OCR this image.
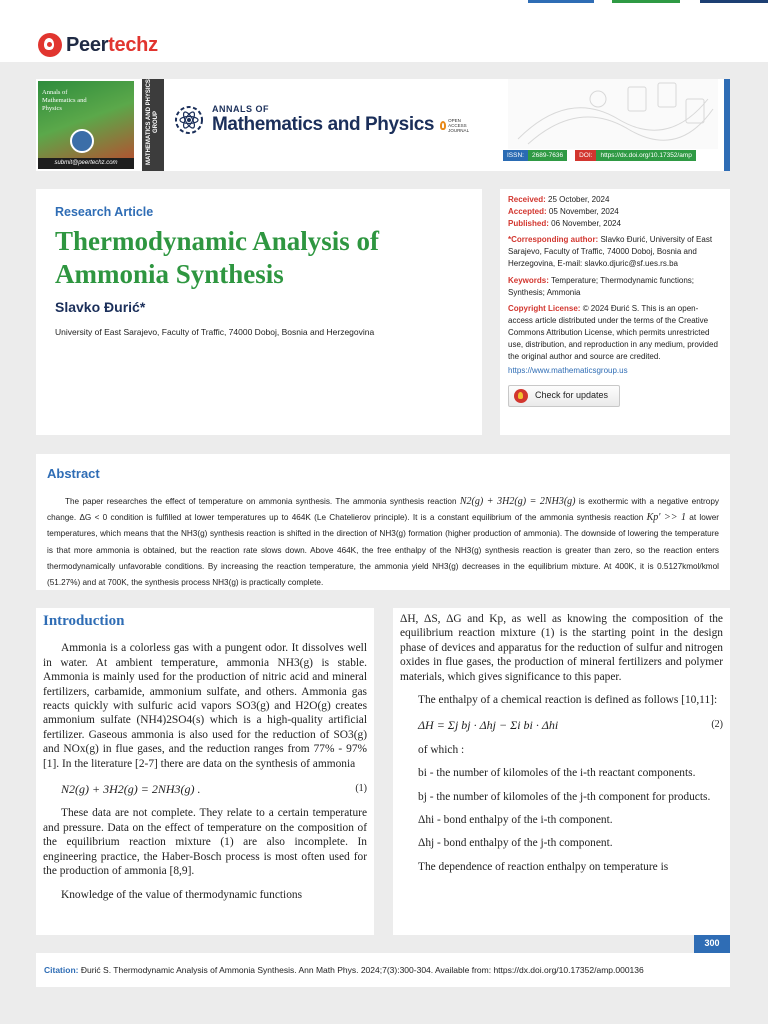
Peertechz
Annals of Mathematics and Physics
submit@peertechz.com	MATHEMATICS AND PHYSICS GROUP
ANNALS OF
Mathematics and Physics	OPEN ACCESS JOURNAL
ISSN:	2689-7636	DOI:	https://dx.doi.org/10.17352/amp
Research Article
Thermodynamic Analysis of Ammonia Synthesis
Slavko Đurić*
University of East Sarajevo, Faculty of Traffic, 74000 Doboj, Bosnia and Herzegovina
Received: 25 October, 2024
Accepted: 05 November, 2024
Published: 06 November, 2024
*Corresponding author: Slavko Đurić, University of East Sarajevo, Faculty of Traffic, 74000 Doboj, Bosnia and Herzegovina, E-mail: slavko.djuric@sf.ues.rs.ba
Keywords: Temperature; Thermodynamic functions; Synthesis; Ammonia
Copyright License: © 2024 Đurić S. This is an open-access article distributed under the terms of the Creative Commons Attribution License, which permits unrestricted use, distribution, and reproduction in any medium, provided the original author and source are credited.
https://www.mathematicsgroup.us
Check for updates
Abstract
The paper researches the effect of temperature on ammonia synthesis. The ammonia synthesis reaction N2(g) + 3H2(g) = 2NH3(g) is exothermic with a negative entropy change. ΔG < 0 condition is fulfilled at lower temperatures up to 464K (Le Chatelierov principle). It is a constant equilibrium of the ammonia synthesis reaction Kp' >> 1 at lower temperatures, which means that the NH3(g) synthesis reaction is shifted in the direction of NH3(g) formation (higher production of ammonia). The downside of lowering the temperature is that more ammonia is obtained, but the reaction rate slows down. Above 464K, the free enthalpy of the NH3(g) synthesis reaction is greater than zero, so the reaction enters thermodynamically unfavorable conditions. By increasing the reaction temperature, the ammonia yield NH3(g) decreases in the equilibrium mixture. At 400K, it is 0.5127kmol/kmol (51.27%) and at 700K, the synthesis process NH3(g) is practically complete.
Introduction

Ammonia is a colorless gas with a pungent odor. It dissolves well in water. At ambient temperature, ammonia NH3(g) is stable. Ammonia is mainly used for the production of nitric acid and mineral fertilizers, carbamide, ammonium sulfate, and others. Ammonia gas reacts quickly with sulfuric acid vapors SO3(g) and H2O(g) creates ammonium sulfate (NH4)2SO4(s) which is a high-quality artificial fertilizer. Gaseous ammonia is also used for the reduction of SO3(g) and NOx(g) in flue gases, and the reduction ranges from 77% - 97% [1]. In the literature [2-7] there are data on the synthesis of ammonia

N2(g) + 3H2(g) = 2NH3(g) .	(1)

These data are not complete. They relate to a certain temperature and pressure. Data on the effect of temperature on the composition of the equilibrium reaction mixture (1) are also incomplete. In engineering practice, the Haber-Bosch process is most often used for the production of ammonia [8,9].

Knowledge of the value of thermodynamic functions

ΔH, ΔS, ΔG and Kp, as well as knowing the composition of the equilibrium reaction mixture (1) is the starting point in the design phase of devices and apparatus for the reduction of sulfur and nitrogen oxides in flue gases, the production of mineral fertilizers and polymer materials, which gives significance to this paper.

The enthalpy of a chemical reaction is defined as follows [10,11]:

ΔH = Σj bj · Δhj − Σi bi · Δhi	(2)

of which :

bi - the number of kilomoles of the i-th reactant components.

bj - the number of kilomoles of the j-th component for products.

Δhi - bond enthalpy of the i-th component.

Δhj - bond enthalpy of the j-th component.

The dependence of reaction enthalpy on temperature is

300
Citation: Đurić S. Thermodynamic Analysis of Ammonia Synthesis. Ann Math Phys. 2024;7(3):300-304. Available from: https://dx.doi.org/10.17352/amp.000136
